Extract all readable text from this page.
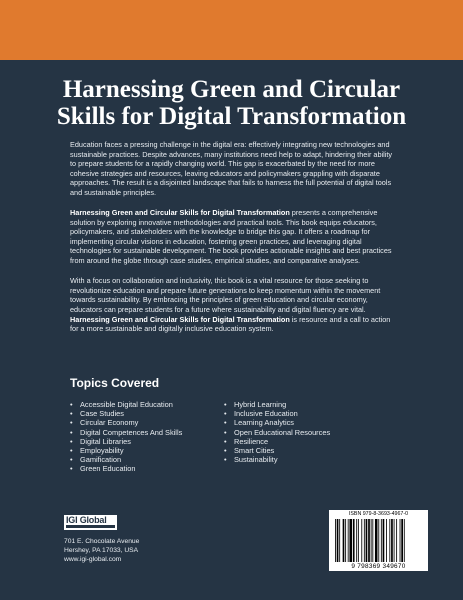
Harnessing Green and Circular
Skills for Digital Transformation

Education faces a pressing challenge in the digital era: effectively integrating new technologies and sustainable practices. Despite advances, many institutions need help to adapt, hindering their ability to prepare students for a rapidly changing world. This gap is exacerbated by the need for more cohesive strategies and resources, leaving educators and policymakers grappling with disparate approaches. The result is a disjointed landscape that fails to harness the full potential of digital tools and sustainable principles.

Harnessing Green and Circular Skills for Digital Transformation presents a comprehensive solution by exploring innovative methodologies and practical tools. This book equips educators, policymakers, and stakeholders with the knowledge to bridge this gap. It offers a roadmap for implementing circular visions in education, fostering green practices, and leveraging digital technologies for sustainable development. The book provides actionable insights and best practices from around the globe through case studies, empirical studies, and comparative analyses.

With a focus on collaboration and inclusivity, this book is a vital resource for those seeking to revolutionize education and prepare future generations to keep momentum within the movement towards sustainability. By embracing the principles of green education and circular economy, educators can prepare students for a future where sustainability and digital fluency are vital. Harnessing Green and Circular Skills for Digital Transformation is resource and a call to action for a more sustainable and digitally inclusive education system.

Topics Covered
• Accessible Digital Education
• Case Studies
• Circular Economy
• Digital Competences And Skills
• Digital Libraries
• Employability
• Gamification
• Green Education
• Hybrid Learning
• Inclusive Education
• Learning Analytics
• Open Educational Resources
• Resilience
• Smart Cities
• Sustainability
IGI Global
701 E. Chocolate Avenue
Hershey, PA 17033, USA
www.igi-global.com
ISBN 979-8-3693-4967-0
9 798369 349670
